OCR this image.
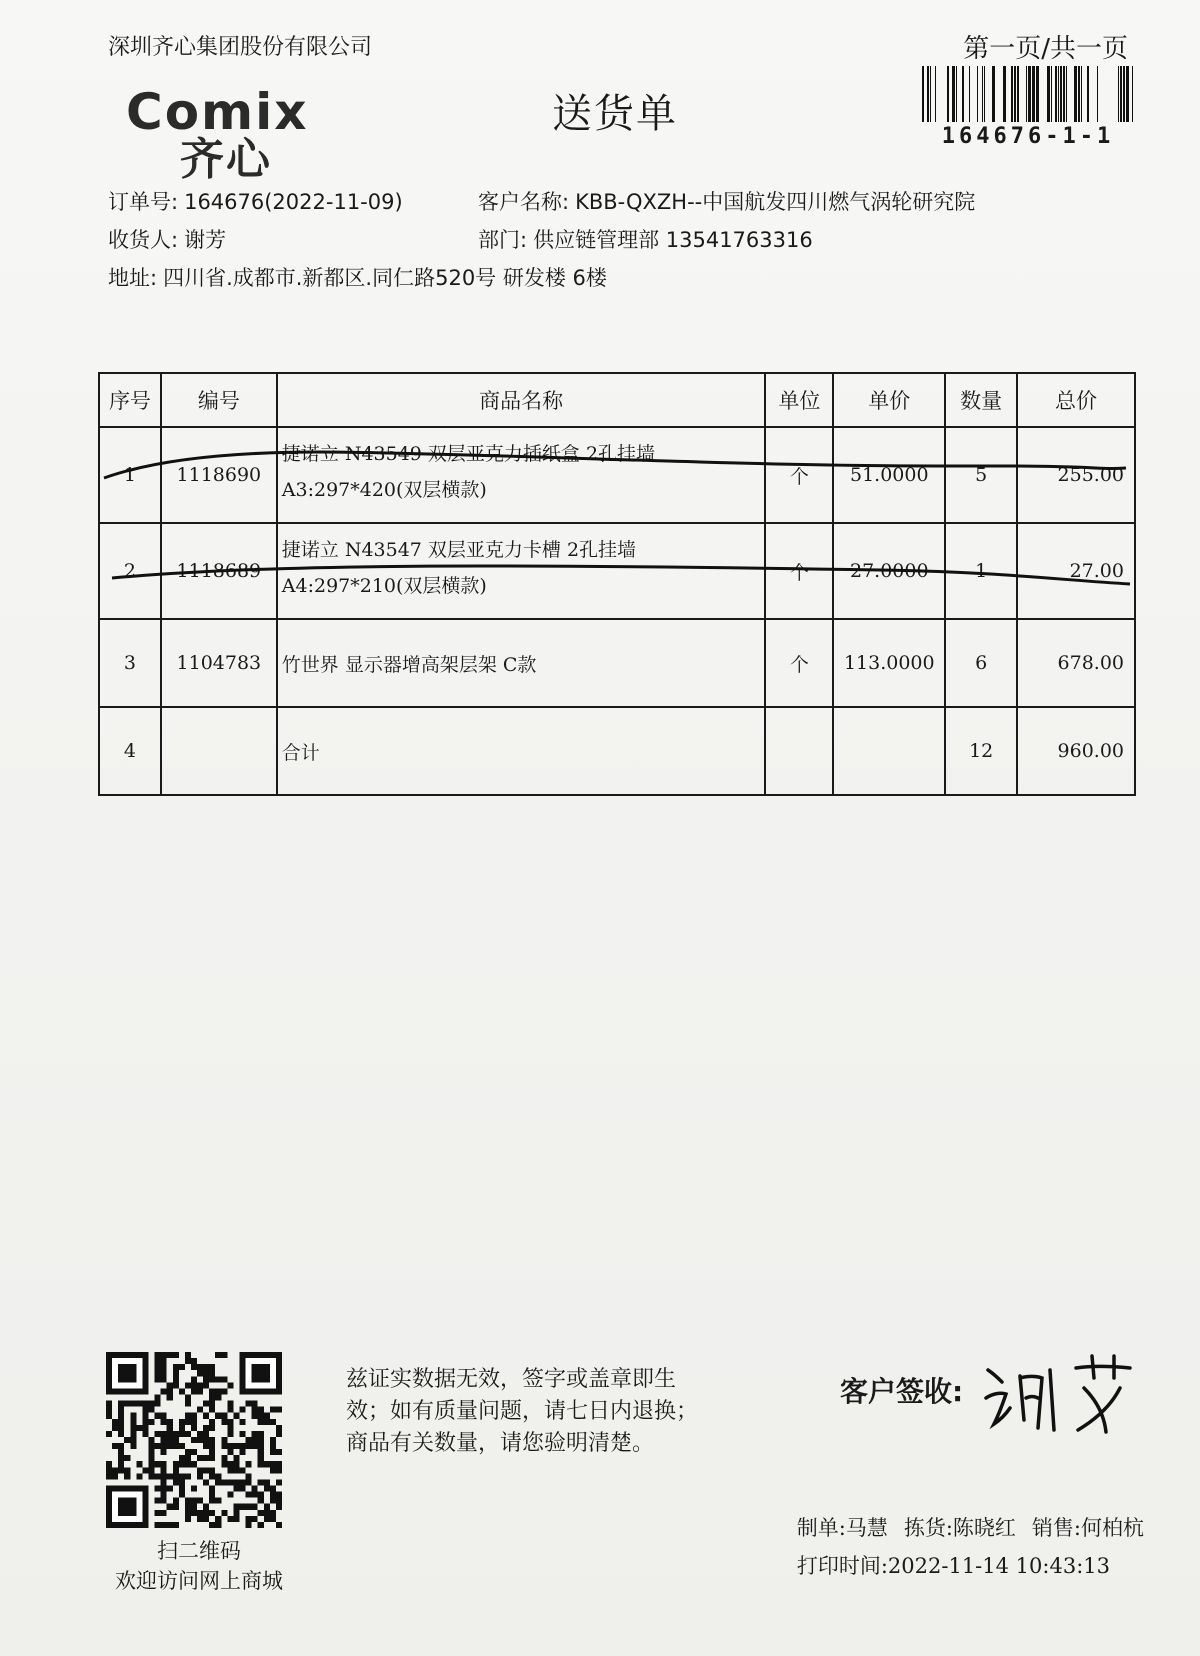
深圳齐心集团股份有限公司	第一页/共一页
Comix
齐心
送货单	164676-1-1
订单号: 164676(2022-11-09)	客户名称: KBB-QXZH--中国航发四川燃气涡轮研究院
收货人: 谢芳	部门: 供应链管理部 13541763316
地址: 四川省.成都市.新都区.同仁路520号 研发楼 6楼
序号	编号	商品名称	单位	单价	数量	总价
1	1118690	捷诺立 N43549 双层亚克力插纸盒 2孔挂墙
A3:297*420(双层横款)	个	51.0000	5	255.00
2	1118689	捷诺立 N43547 双层亚克力卡槽 2孔挂墙
A4:297*210(双层横款)	个	27.0000	1	27.00
3	1104783	竹世界 显示器增高架层架 C款	个	113.0000	6	678.00
4		合计			12	960.00
扫二维码
欢迎访问网上商城
兹证实数据无效，签字或盖章即生
效；如有质量问题，请七日内退换；
商品有关数量，请您验明清楚。
客户签收:
制单:马慧 拣货:陈晓红 销售:何柏杭
打印时间:2022-11-14 10:43:13
